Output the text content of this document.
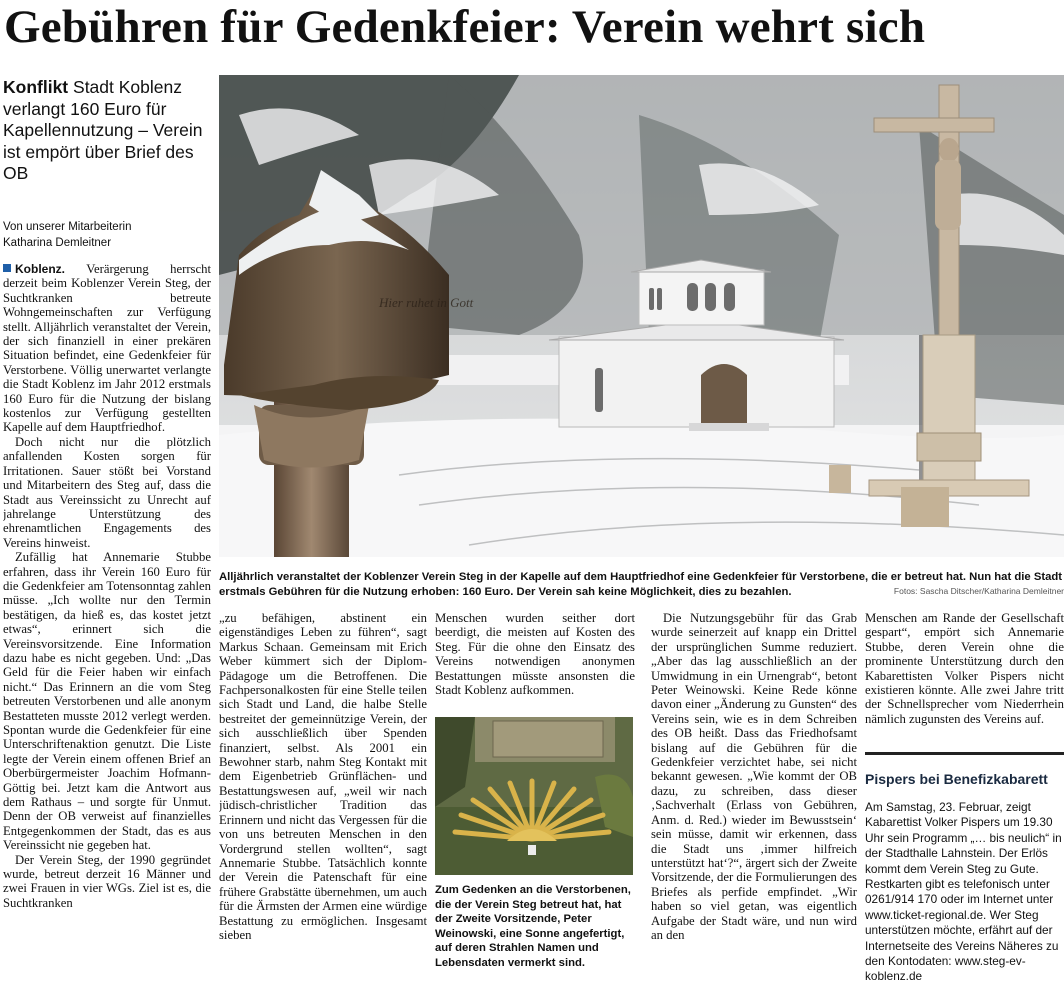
Gebühren für Gedenkfeier: Verein wehrt sich
Konflikt Stadt Koblenz verlangt 160 Euro für Kapellennutzung – Verein ist empört über Brief des OB
Von unserer Mitarbeiterin
Katharina Demleitner

Koblenz. Verärgerung herrscht derzeit beim Koblenzer Verein Steg, der Suchtkranken betreute Wohngemeinschaften zur Verfügung stellt. Alljährlich veranstaltet der Verein, der sich finanziell in einer prekären Situation befindet, eine Gedenkfeier für Verstorbene. Völlig unerwartet verlangte die Stadt Koblenz im Jahr 2012 erstmals 160 Euro für die Nutzung der bislang kostenlos zur Verfügung gestellten Kapelle auf dem Hauptfriedhof.

Doch nicht nur die plötzlich anfallenden Kosten sorgen für Irritationen. Sauer stößt bei Vorstand und Mitarbeitern des Steg auf, dass die Stadt aus Vereinssicht zu Unrecht auf jahrelange Unterstützung des ehrenamtlichen Engagements des Vereins hinweist.

Zufällig hat Annemarie Stubbe erfahren, dass ihr Verein 160 Euro für die Gedenkfeier am Totensonntag zahlen müsse. „Ich wollte nur den Termin bestätigen, da hieß es, das kostet jetzt etwas“, erinnert sich die Vereinsvorsitzende. Eine Information dazu habe es nicht gegeben. Und: „Das Geld für die Feier haben wir einfach nicht.“ Das Erinnern an die vom Steg betreuten Verstorbenen und alle anonym Bestatteten musste 2012 verlegt werden. Spontan wurde die Gedenkfeier für eine Unterschriftenaktion genutzt. Die Liste legte der Verein einem offenen Brief an Oberbürgermeister Joachim Hofmann-Göttig bei. Jetzt kam die Antwort aus dem Rathaus – und sorgte für Unmut. Denn der OB verweist auf finanzielles Entgegenkommen der Stadt, das es aus Vereinssicht nie gegeben hat.

Der Verein Steg, der 1990 gegründet wurde, betreut derzeit 16 Männer und zwei Frauen in vier WGs. Ziel ist es, die Suchtkranken

Hier ruhet in Gott
Alljährlich veranstaltet der Koblenzer Verein Steg in der Kapelle auf dem Hauptfriedhof eine Gedenkfeier für Verstorbene, die er betreut hat. Nun hat die Stadt erstmals Gebühren für die Nutzung erhoben: 160 Euro. Der Verein sah keine Möglichkeit, dies zu bezahlen.	Fotos: Sascha Ditscher/Katharina Demleitner

„zu befähigen, abstinent ein eigenständiges Leben zu führen“, sagt Markus Schaan. Gemeinsam mit Erich Weber kümmert sich der Diplom-Pädagoge um die Betroffenen. Die Fachpersonalkosten für eine Stelle teilen sich Stadt und Land, die halbe Stelle bestreitet der gemeinnützige Verein, der sich ausschließlich über Spenden finanziert, selbst. Als 2001 ein Bewohner starb, nahm Steg Kontakt mit dem Eigenbetrieb Grünflächen- und Bestattungswesen auf, „weil wir nach jüdisch-christlicher Tradition das Erinnern und nicht das Vergessen für die von uns betreuten Menschen in den Vordergrund stellen wollten“, sagt Annemarie Stubbe. Tatsächlich konnte der Verein die Patenschaft für eine frühere Grabstätte übernehmen, um auch für die Ärmsten der Armen eine würdige Bestattung zu ermöglichen. Insgesamt sieben

Menschen wurden seither dort beerdigt, die meisten auf Kosten des Steg. Für die ohne den Einsatz des Vereins notwendigen anonymen Bestattungen müsste ansonsten die Stadt Koblenz aufkommen.

Zum Gedenken an die Verstorbenen, die der Verein Steg betreut hat, hat der Zweite Vorsitzende, Peter Weinowski, eine Sonne angefertigt, auf deren Strahlen Namen und Lebensdaten vermerkt sind.

Die Nutzungsgebühr für das Grab wurde seinerzeit auf knapp ein Drittel der ursprünglichen Summe reduziert. „Aber das lag ausschließlich an der Umwidmung in ein Urnengrab“, betont Peter Weinowski. Keine Rede könne davon einer „Änderung zu Gunsten“ des Vereins sein, wie es in dem Schreiben des OB heißt. Dass das Friedhofsamt bislang auf die Gebühren für die Gedenkfeier verzichtet habe, sei nicht bekannt gewesen. „Wie kommt der OB dazu, zu schreiben, dass dieser ‚Sachverhalt (Erlass von Gebühren, Anm. d. Red.) wieder im Bewusstsein‘ sein müsse, damit wir erkennen, dass die Stadt uns ‚immer hilfreich unterstützt hat‘?“, ärgert sich der Zweite Vorsitzende, der die Formulierungen des Briefes als perfide empfindet. „Wir haben so viel getan, was eigentlich Aufgabe der Stadt wäre, und nun wird an den

Menschen am Rande der Gesellschaft gespart“, empört sich Annemarie Stubbe, deren Verein ohne die prominente Unterstützung durch den Kabarettisten Volker Pispers nicht existieren könnte. Alle zwei Jahre tritt der Schnellsprecher vom Niederrhein nämlich zugunsten des Vereins auf.

Pispers bei Benefizkabarett
Am Samstag, 23. Februar, zeigt Kabarettist Volker Pispers um 19.30 Uhr sein Programm „… bis neulich“ in der Stadthalle Lahnstein. Der Erlös kommt dem Verein Steg zu Gute. Restkarten gibt es telefonisch unter 0261/914 170 oder im Internet unter www.ticket-regional.de. Wer Steg unterstützen möchte, erfährt auf der Internetseite des Vereins Näheres zu den Kontodaten: www.steg-ev-koblenz.de
